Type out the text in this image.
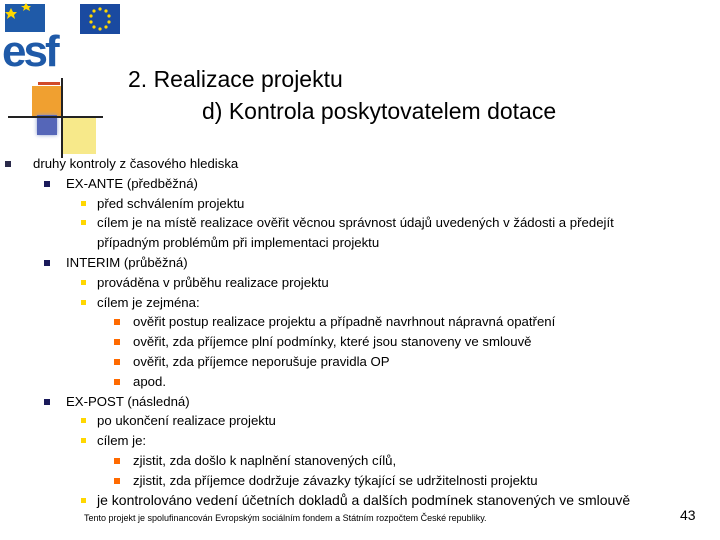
esf
2. Realizace projektu
d) Kontrola poskytovatelem dotace
druhy kontroly z časového hlediska
EX-ANTE (předběžná)
před schválením projektu
cílem je na místě realizace ověřit věcnou správnost údajů uvedených v žádosti a předejít případným problémům při implementaci projektu
INTERIM (průběžná)
prováděna v průběhu realizace projektu
cílem je zejména:
ověřit postup realizace projektu a případně navrhnout nápravná opatření
ověřit, zda příjemce plní podmínky, které jsou stanoveny ve smlouvě
ověřit, zda příjemce neporušuje pravidla OP
apod.
EX-POST (následná)
po ukončení realizace projektu
cílem je:
zjistit, zda došlo k naplnění stanovených cílů,
zjistit, zda příjemce dodržuje závazky týkající se udržitelnosti projektu
je kontrolováno vedení účetních dokladů a dalších podmínek stanovených ve smlouvě
Tento projekt je spolufinancován Evropským sociálním fondem a Státním rozpočtem České republiky.	43
